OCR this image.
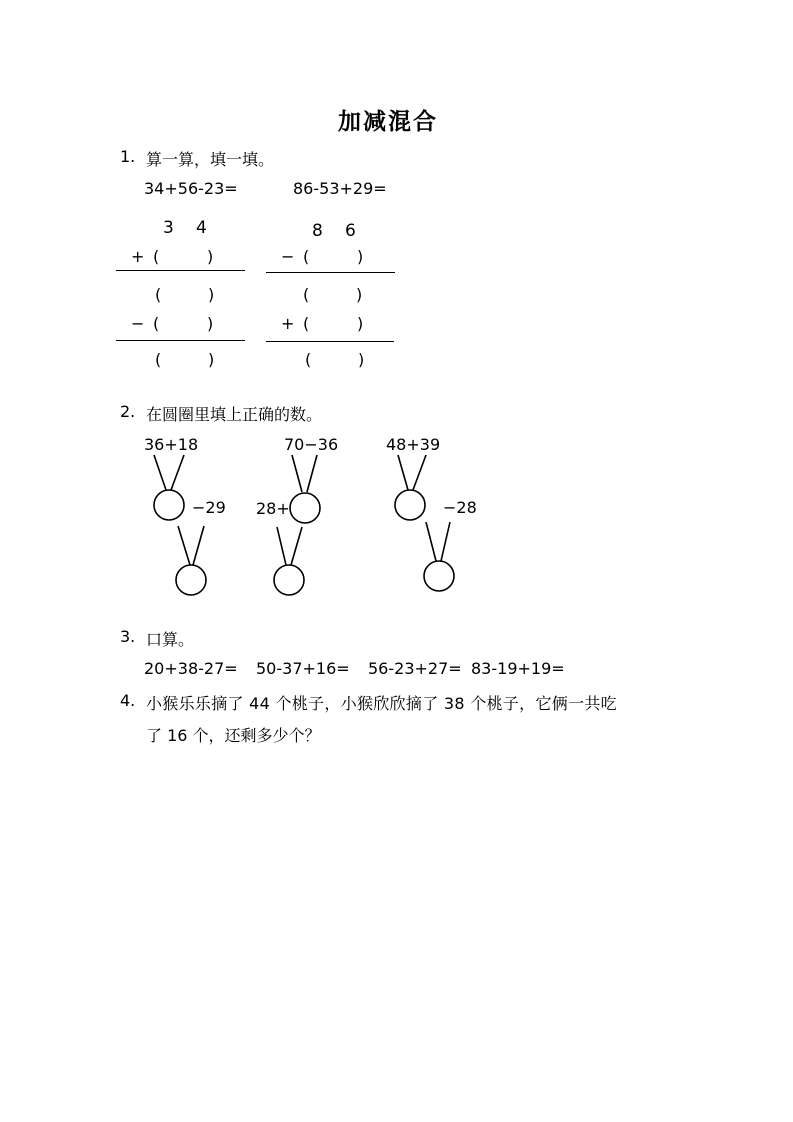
加减混合
1. 算一算，填一填。
34+56-23=
3 4
+ (	)
(	)
− (	)
(	)
86-53+29=
8 6
− (	)
(	)
+ (	)
(	)
2. 在圆圈里填上正确的数。
36+18
−29
70−36
28+
48+39
−28
3. 口算。
20+38-27= 50-37+16= 56-23+27= 83-19+19=
4. 小猴乐乐摘了 44 个桃子，小猴欣欣摘了 38 个桃子，它俩一共吃
了 16 个，还剩多少个？
